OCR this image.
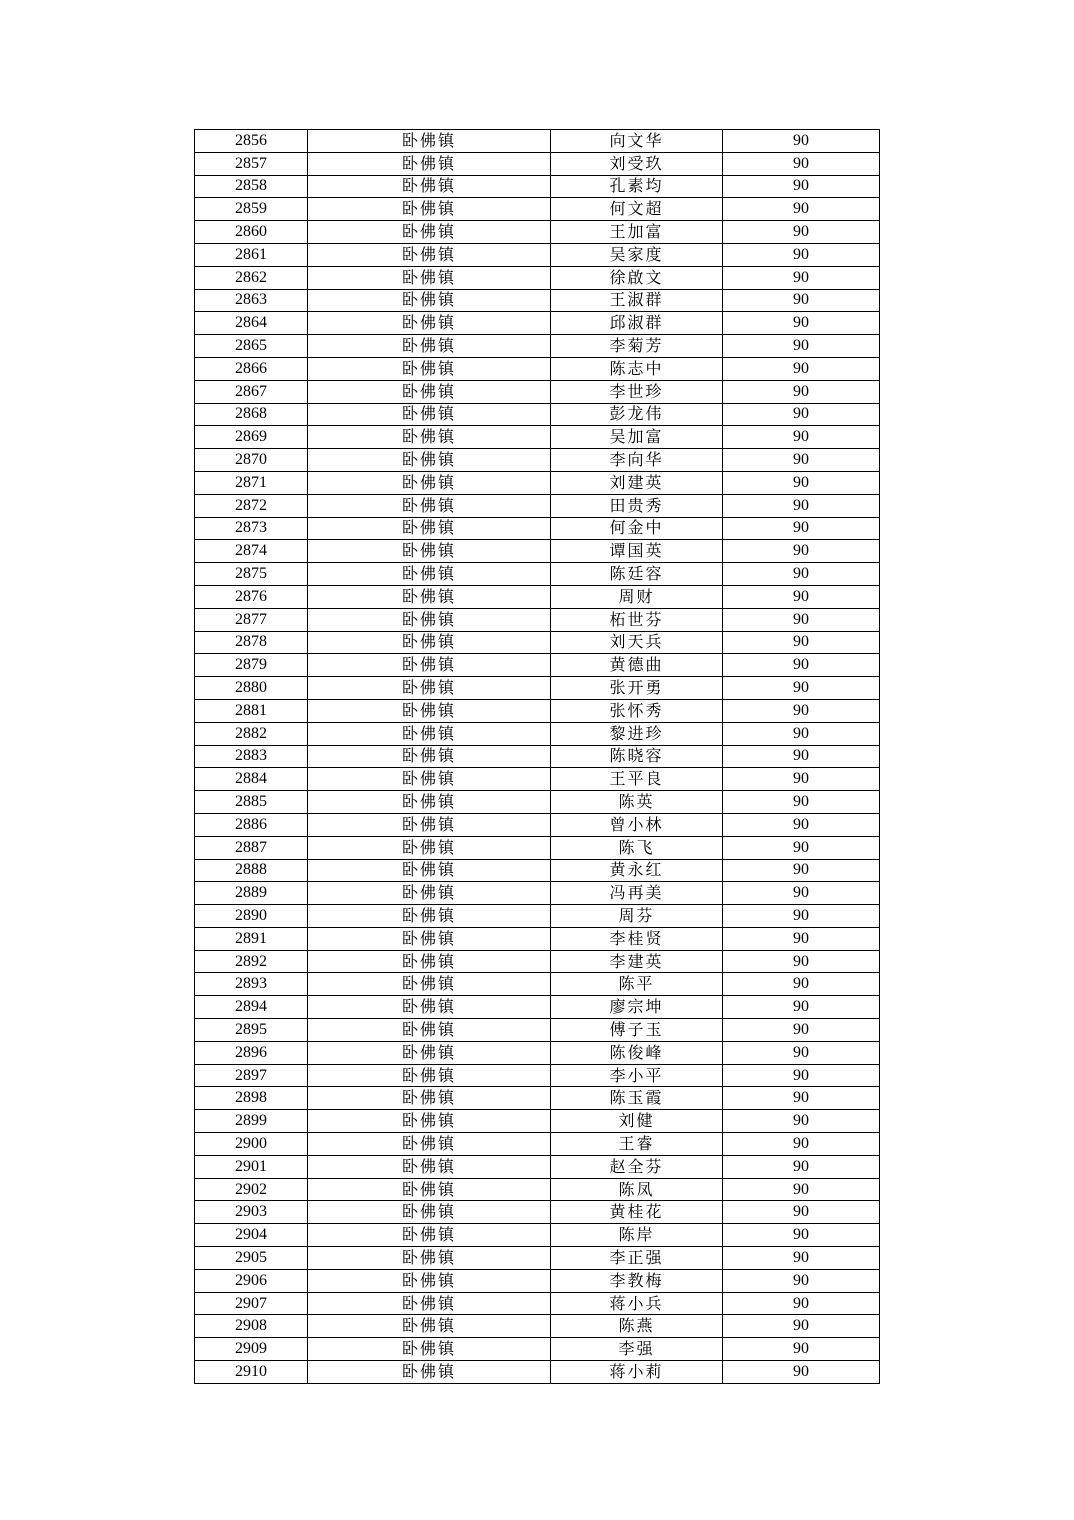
2856	卧佛镇	向文华	90
2857	卧佛镇	刘受玖	90
2858	卧佛镇	孔素均	90
2859	卧佛镇	何文超	90
2860	卧佛镇	王加富	90
2861	卧佛镇	吴家度	90
2862	卧佛镇	徐啟文	90
2863	卧佛镇	王淑群	90
2864	卧佛镇	邱淑群	90
2865	卧佛镇	李菊芳	90
2866	卧佛镇	陈志中	90
2867	卧佛镇	李世珍	90
2868	卧佛镇	彭龙伟	90
2869	卧佛镇	吴加富	90
2870	卧佛镇	李向华	90
2871	卧佛镇	刘建英	90
2872	卧佛镇	田贵秀	90
2873	卧佛镇	何金中	90
2874	卧佛镇	谭国英	90
2875	卧佛镇	陈廷容	90
2876	卧佛镇	周财	90
2877	卧佛镇	柘世芬	90
2878	卧佛镇	刘天兵	90
2879	卧佛镇	黄德曲	90
2880	卧佛镇	张开勇	90
2881	卧佛镇	张怀秀	90
2882	卧佛镇	黎进珍	90
2883	卧佛镇	陈晓容	90
2884	卧佛镇	王平良	90
2885	卧佛镇	陈英	90
2886	卧佛镇	曾小林	90
2887	卧佛镇	陈飞	90
2888	卧佛镇	黄永红	90
2889	卧佛镇	冯再美	90
2890	卧佛镇	周芬	90
2891	卧佛镇	李桂贤	90
2892	卧佛镇	李建英	90
2893	卧佛镇	陈平	90
2894	卧佛镇	廖宗坤	90
2895	卧佛镇	傅子玉	90
2896	卧佛镇	陈俊峰	90
2897	卧佛镇	李小平	90
2898	卧佛镇	陈玉霞	90
2899	卧佛镇	刘健	90
2900	卧佛镇	王睿	90
2901	卧佛镇	赵全芬	90
2902	卧佛镇	陈凤	90
2903	卧佛镇	黄桂花	90
2904	卧佛镇	陈岸	90
2905	卧佛镇	李正强	90
2906	卧佛镇	李教梅	90
2907	卧佛镇	蒋小兵	90
2908	卧佛镇	陈燕	90
2909	卧佛镇	李强	90
2910	卧佛镇	蒋小莉	90
